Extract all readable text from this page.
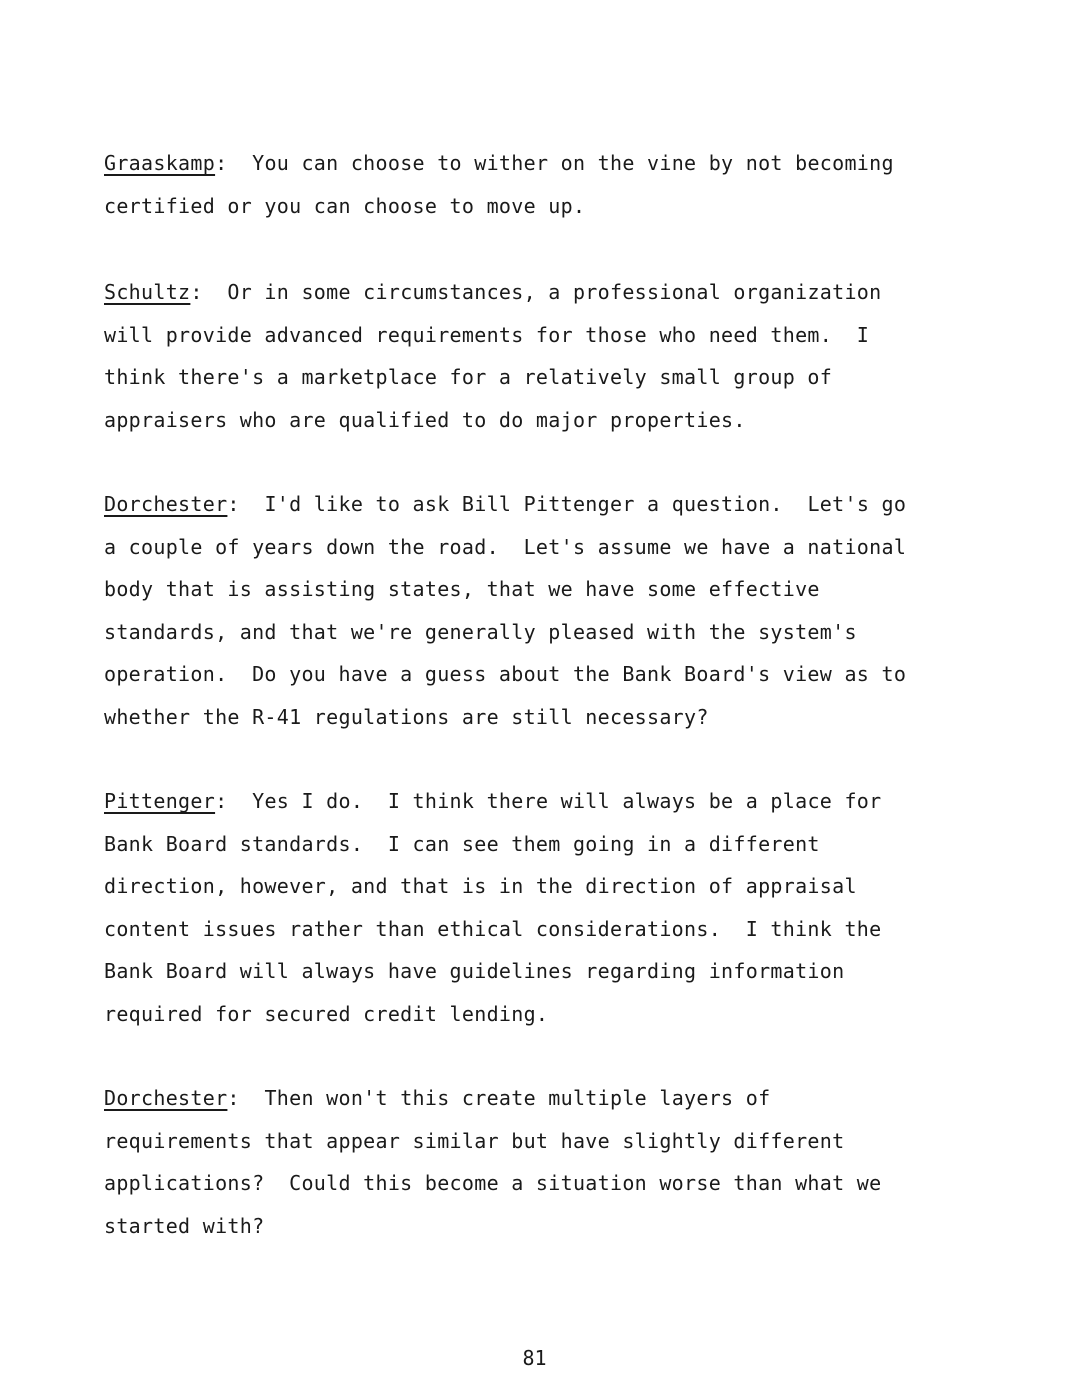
Graaskamp:  You can choose to wither on the vine by not becoming
certified or you can choose to move up.
Schultz:  Or in some circumstances, a professional organization
will provide advanced requirements for those who need them.  I
think there's a marketplace for a relatively small group of
appraisers who are qualified to do major properties.
Dorchester:  I'd like to ask Bill Pittenger a question.  Let's go
a couple of years down the road.  Let's assume we have a national
body that is assisting states, that we have some effective
standards, and that we're generally pleased with the system's
operation.  Do you have a guess about the Bank Board's view as to
whether the R-41 regulations are still necessary?
Pittenger:  Yes I do.  I think there will always be a place for
Bank Board standards.  I can see them going in a different
direction, however, and that is in the direction of appraisal
content issues rather than ethical considerations.  I think the
Bank Board will always have guidelines regarding information
required for secured credit lending.
Dorchester:  Then won't this create multiple layers of
requirements that appear similar but have slightly different
applications?  Could this become a situation worse than what we
started with?
81
